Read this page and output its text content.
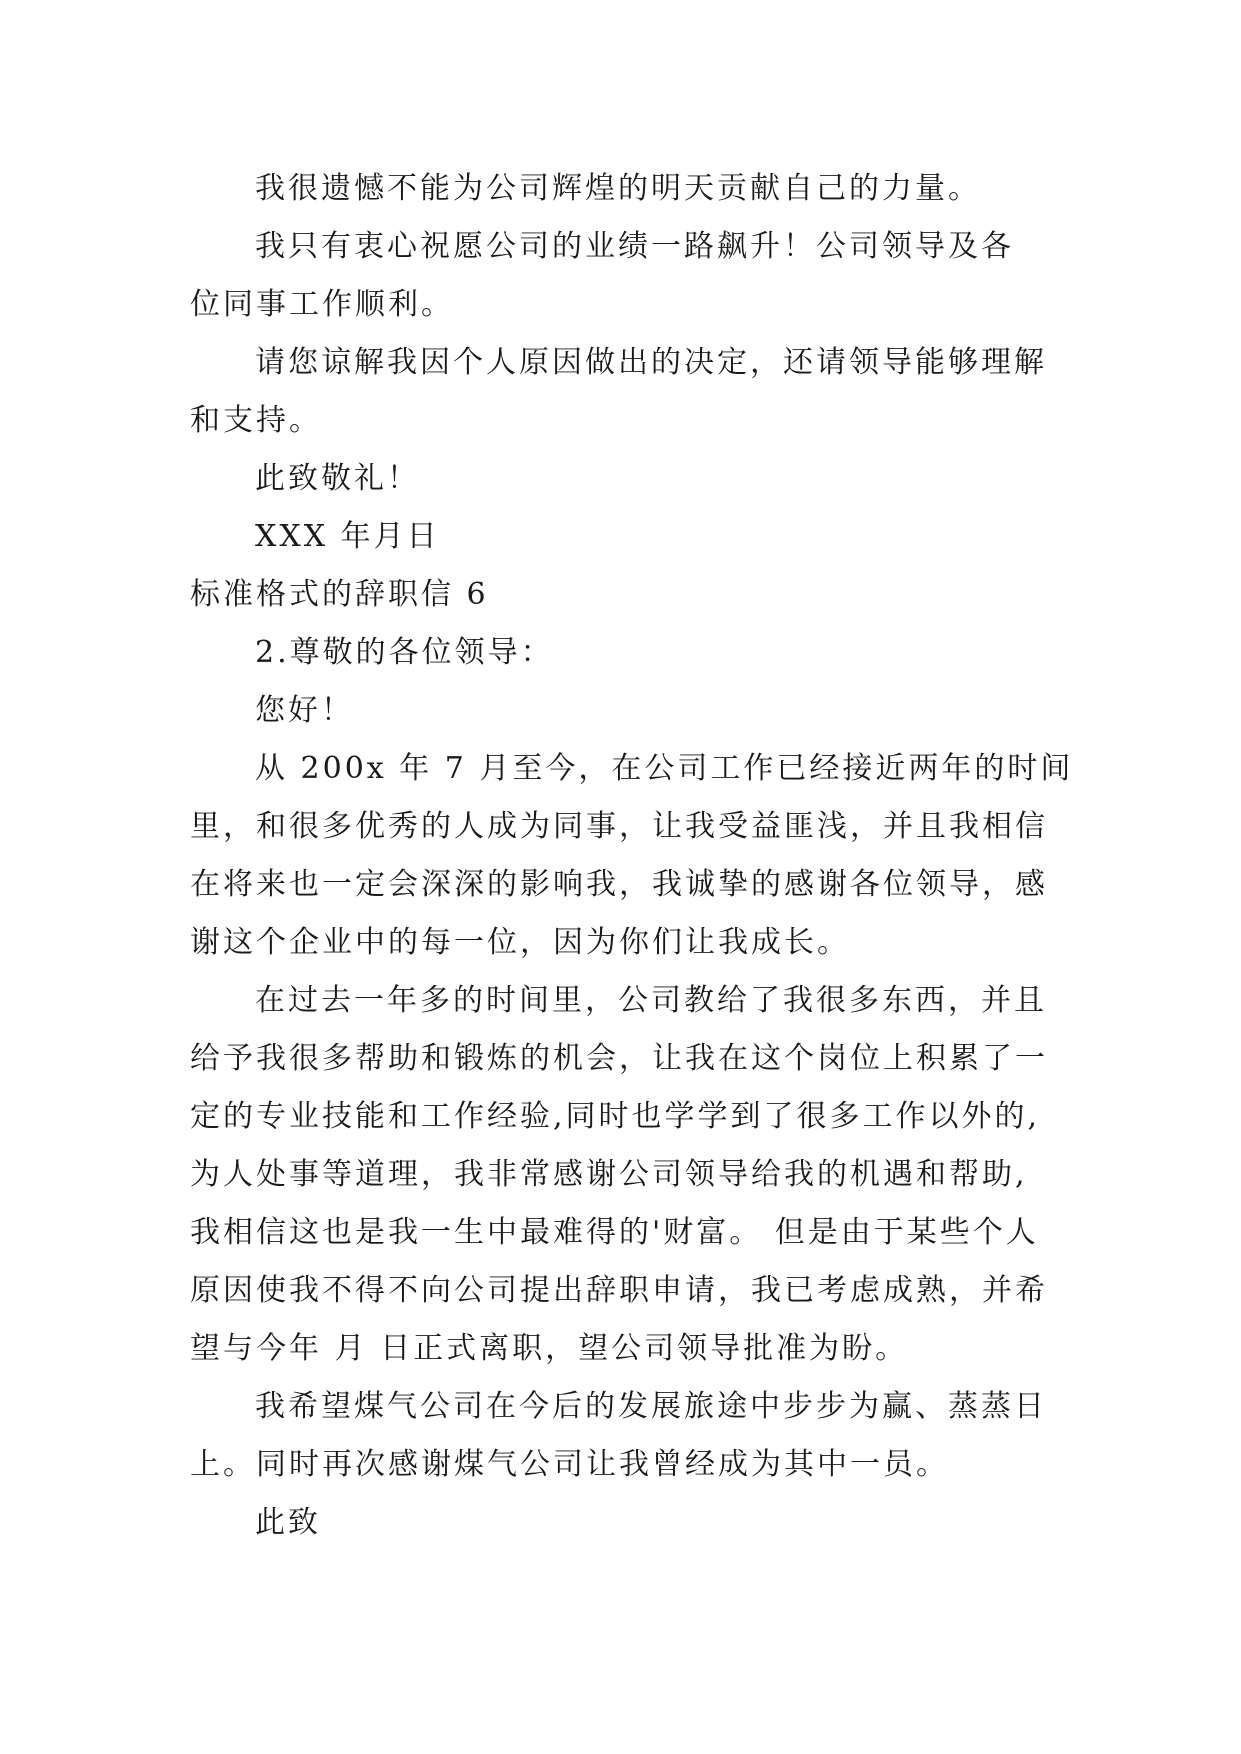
我很遗憾不能为公司辉煌的明天贡献自己的力量。
我只有衷心祝愿公司的业绩一路飙升！公司领导及各
位同事工作顺利。
请您谅解我因个人原因做出的决定，还请领导能够理解
和支持。
此致敬礼！
XXX 年月日
标准格式的辞职信 6
2.尊敬的各位领导：
您好！
从 200x 年 7 月至今，在公司工作已经接近两年的时间
里，和很多优秀的人成为同事，让我受益匪浅，并且我相信
在将来也一定会深深的影响我，我诚挚的感谢各位领导，感
谢这个企业中的每一位，因为你们让我成长。
在过去一年多的时间里，公司教给了我很多东西，并且
给予我很多帮助和锻炼的机会，让我在这个岗位上积累了一
定的专业技能和工作经验,同时也学学到了很多工作以外的,
为人处事等道理，我非常感谢公司领导给我的机遇和帮助,
我相信这也是我一生中最难得的'财富。 但是由于某些个人
原因使我不得不向公司提出辞职申请，我已考虑成熟，并希
望与今年 月 日正式离职，望公司领导批准为盼。
我希望煤气公司在今后的发展旅途中步步为赢、蒸蒸日
上。同时再次感谢煤气公司让我曾经成为其中一员。
此致
